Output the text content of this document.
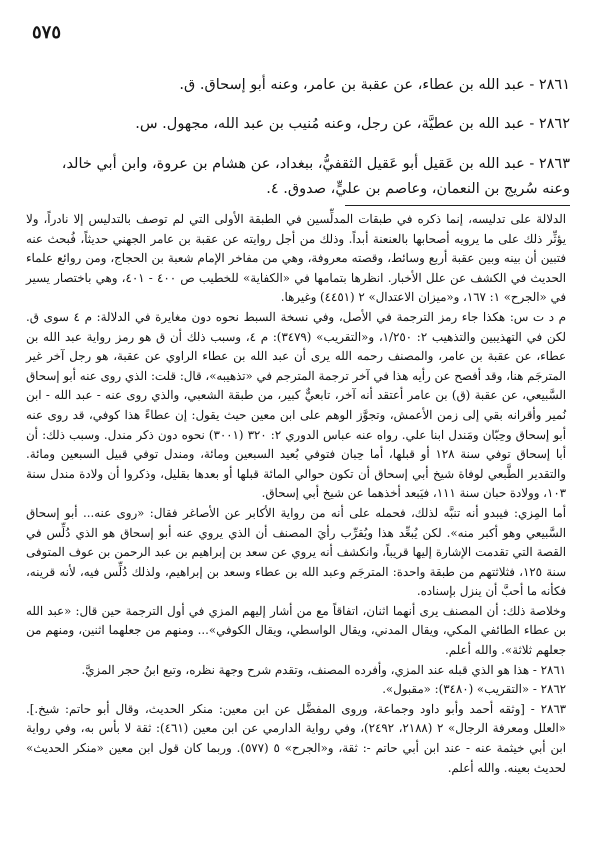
٥٧٥

٢٨٦١ - عبد الله بن عطاء، عن عقبة بن عامر، وعنه أبو إسحاق. ق.

٢٨٦٢ - عبد الله بن عطيَّة، عن رجل، وعنه مُنيب بن عبد الله، مجهول. س.

٢٨٦٣ - عبد الله بن عَقيل أبو عَقيل الثقفيُّ، ببغداد، عن هشام بن عروة، وابن أبي خالد، وعنه سُريج بن النعمان، وعاصم بن عليٍّ، صدوق. ٤.

الدلالة على تدليسه، إنما ذكره في طبقات المدلِّسين في الطبقة الأولى التي لم توصف بالتدليس إلا نادراً، ولا يؤثِّر ذلك على ما يرويه أصحابها بالعنعنة أبداً. وذلك من أجل روايته عن عقبة بن عامر الجهني حديثاً، فُبحث عنه فتبين أن بينه وبين عقبة أربع وسائط، وقصته معروفة، وهي من مفاخر الإمام شعبة بن الحجاج، ومن روائع علماء الحديث في الكشف عن علل الأخبار. انظرها بتمامها في «الكفاية» للخطيب ص ٤٠٠ - ٤٠١، وهي باختصار يسير في «الجرح» ١: ١٦٧، و«ميزان الاعتدال» ٢ (٤٤٥١) وغيرها.

م د ت س: هكذا جاء رمز الترجمة في الأصل، وفي نسخة السبط نحوه دون مغايرة في الدلالة: م ٤ سوى ق. لكن في التهذيبين والتذهيب ٢: ١/٢٥٠، و«التقريب» (٣٤٧٩): م ٤، وسبب ذلك أن ق هو رمز رواية عبد الله بن عطاء، عن عقبة بن عامر، والمصنف رحمه الله يرى أن عبد الله بن عطاء الراوي عن عقبة، هو رجل آخر غير المترجَم هنا، وقد أفصح عن رأيه هذا في آخر ترجمة المترجم في «تذهيبه»، قال: قلت: الذي روى عنه أبو إسحاق السَّبيعي، عن عقبة (ق) بن عامر أعتقد أنه آخر، تابعيٌّ كبير، من طبقة الشعبي، والذي روى عنه - عبد الله - ابن نُمير وأقرانه بقي إلى زمن الأعمش، وتجوَّز الوهم على ابن معين حيث يقول: إن عطاءً هذا كوفي، قد روى عنه أبو إسحاق وحِبّان ومَندل ابنا علي. رواه عنه عباس الدوري ٢: ٣٢٠ (٣٠٠١) نحوه دون ذكر مندل. وسبب ذلك: أن أبا إسحاق توفي سنة ١٢٨ أو قبلها، أما حِبان فتوفي بُعيد السبعين ومائة، ومندل توفي قبيل السبعين ومائة. والتقدير الطَّبعي لوفاة شيخ أبي إسحاق أن تكون حوالي المائة قبلها أو بعدها بقليل، وذكروا أن ولادة مندل سنة ١٠٣، وولادة حبان سنة ١١١، فيَبعد أخذهما عن شيخ أبي إسحاق.

أما المِزي: فيبدو أنه تنبَّه لذلك، فحمله على أنه من رواية الأكابر عن الأصاغر فقال: «روى عنه... أبو إسحاق السَّبيعي وهو أكبر منه». لكن يُبعِّد هذا ويُقرِّب رأيَ المصنف أن الذي يروي عنه أبو إسحاق هو الذي دُلِّس في القصة التي تقدمت الإشارة إليها قريباً، وانكشف أنه يروي عن سعد بن إبراهيم بن عبد الرحمن بن عوف المتوفى سنة ١٢٥، فثلاثتهم من طبقة واحدة: المترجَم وعبد الله بن عطاء وسعد بن إبراهيم، ولذلك دُلِّس فيه، لأنه قرينه، فكأنه ما أحبَّ أن ينزل بإسناده.

وخلاصة ذلك: أن المصنف يرى أنهما اثنان، اتفاقاً مع من أشار إليهم المزي في أول الترجمة حين قال: «عبد الله بن عطاء الطائفي المكي، ويقال المدني، ويقال الواسطي، ويقال الكوفي»... ومنهم من جعلهما اثنين، ومنهم من جعلهم ثلاثة». والله أعلم.

٢٨٦١ - هذا هو الذي قبله عند المزي، وأفرده المصنف، وتقدم شرح وجهة نظره، وتبع ابنُ حجر المزيَّ.

٢٨٦٢ - «التقريب» (٣٤٨٠): «مقبول».

٢٨٦٣ - [وثقه أحمد وأبو داود وجماعة، وروى المفضَّل عن ابن معين: منكر الحديث، وقال أبو حاتم: شيخ.]. «العلل ومعرفة الرجال» ٢ (٢١٨٨، ٢٤٩٢)، وفي رواية الدارمي عن ابن معين (٤٦١): ثقة لا بأس به، وفي رواية ابن أبي خيثمة عنه - عند ابن أبي حاتم -: ثقة، و«الجرح» ٥ (٥٧٧). وربما كان قول ابن معين «منكر الحديث» لحديث بعينه. والله أعلم.
